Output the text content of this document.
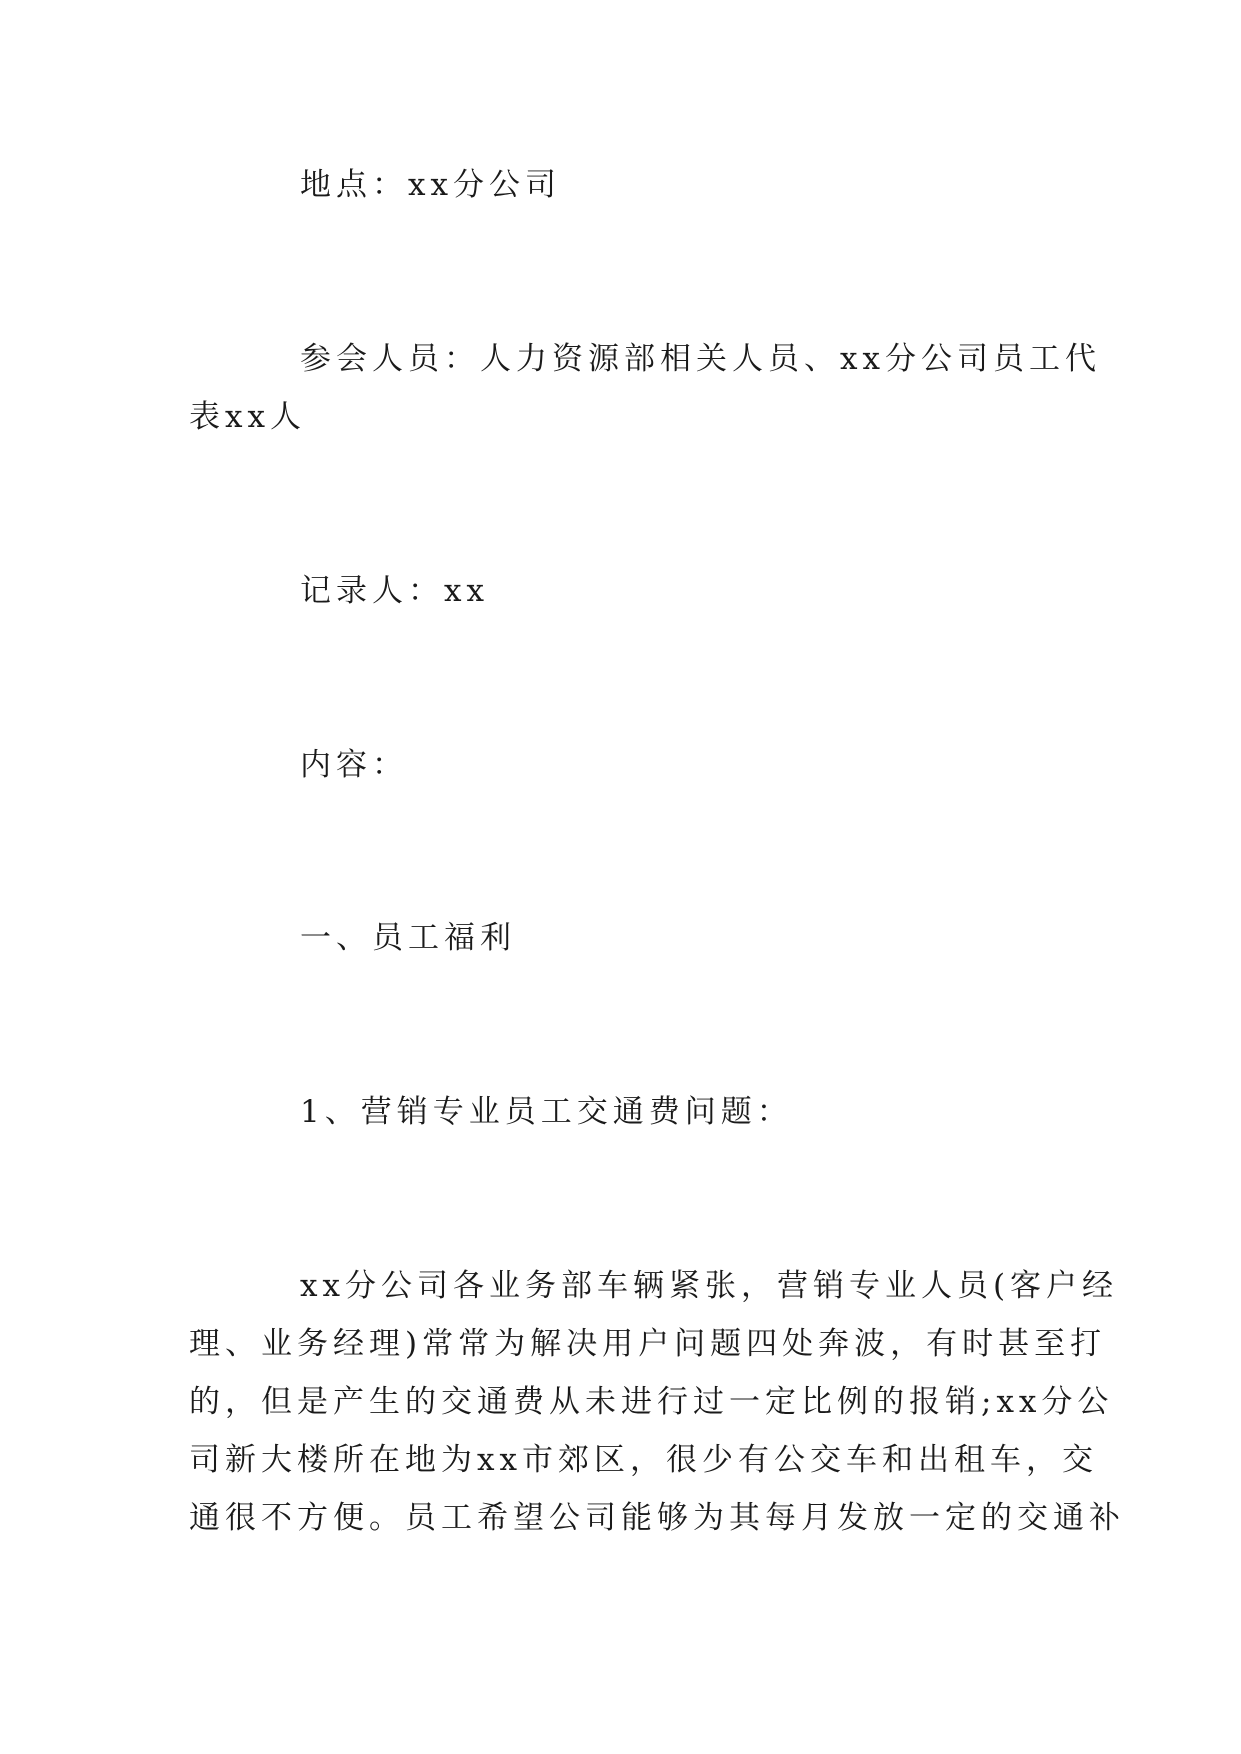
地点：xx分公司

参会人员：人力资源部相关人员、xx分公司员工代

表xx人

记录人：xx

内容：

一、员工福利

1、营销专业员工交通费问题：

xx分公司各业务部车辆紧张，营销专业人员(客户经

理、业务经理)常常为解决用户问题四处奔波，有时甚至打

的，但是产生的交通费从未进行过一定比例的报销;xx分公

司新大楼所在地为xx市郊区，很少有公交车和出租车，交

通很不方便。员工希望公司能够为其每月发放一定的交通补
